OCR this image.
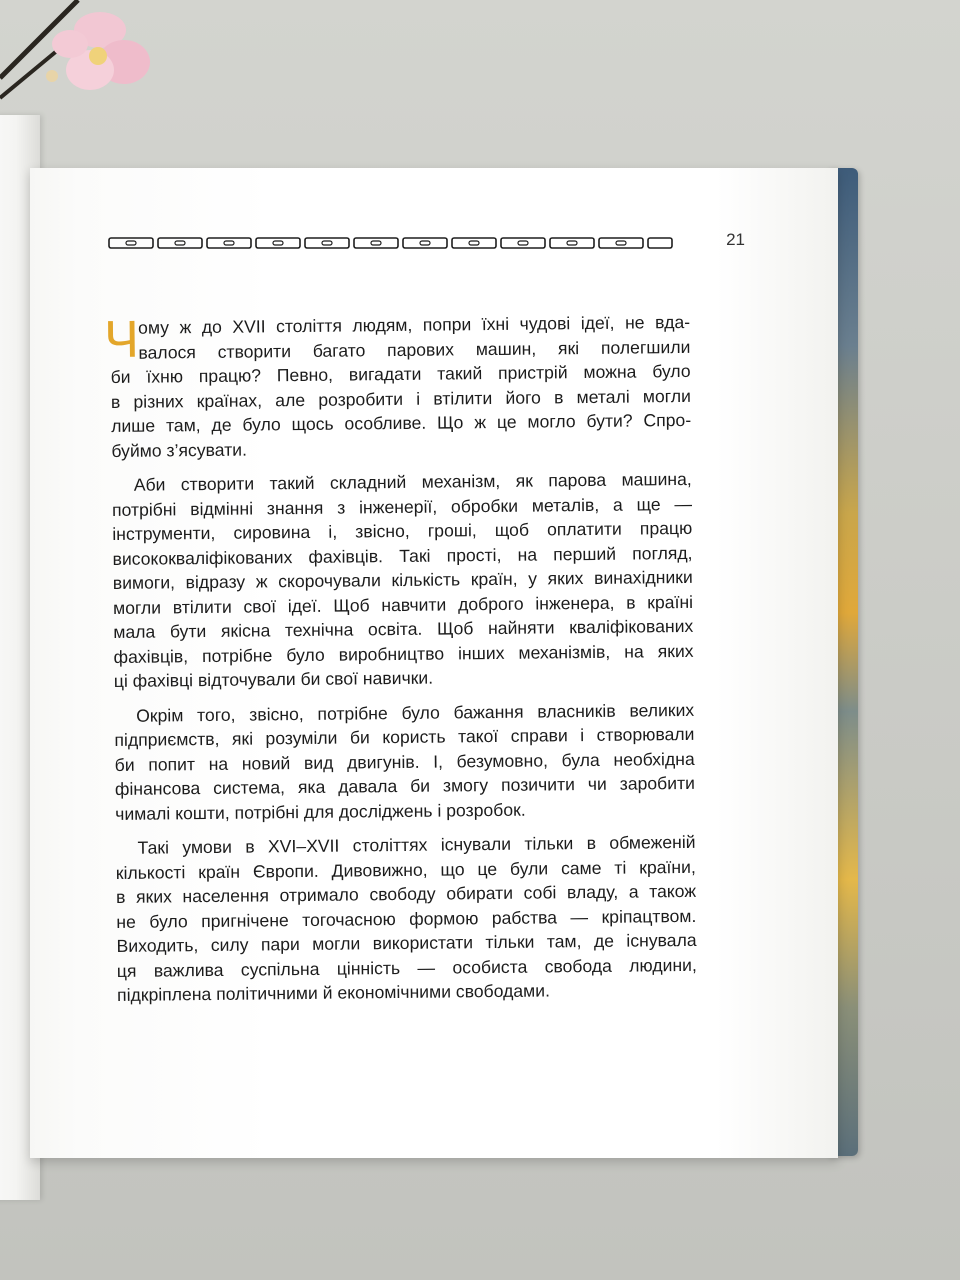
21
Ч
ому ж до XVII століття людям, попри їхні чудові ідеї, не вда-
валося створити багато парових машин, які полегшили
би їхню працю? Певно, вигадати такий пристрій можна було
в різних країнах, але розробити і втілити його в металі могли
лише там, де було щось особливе. Що ж це могло бути? Спро-
буймо з’ясувати.
Аби створити такий складний механізм, як парова машина,
потрібні відмінні знання з інженерії, обробки металів, а ще —
інструменти, сировина і, звісно, гроші, щоб оплатити працю
висококваліфікованих фахівців. Такі прості, на перший погляд,
вимоги, відразу ж скорочували кількість країн, у яких винахідники
могли втілити свої ідеї. Щоб навчити доброго інженера, в країні
мала бути якісна технічна освіта. Щоб найняти кваліфікованих
фахівців, потрібне було виробництво інших механізмів, на яких
ці фахівці відточували би свої навички.
Окрім того, звісно, потрібне було бажання власників великих
підприємств, які розуміли би користь такої справи і створювали
би попит на новий вид двигунів. І, безумовно, була необхідна
фінансова система, яка давала би змогу позичити чи заробити
чималі кошти, потрібні для досліджень і розробок.
Такі умови в XVI–XVII століттях існували тільки в обмеженій
кількості країн Європи. Дивовижно, що це були саме ті країни,
в яких населення отримало свободу обирати собі владу, а також
не було пригнічене тогочасною формою рабства — кріпацтвом.
Виходить, силу пари могли використати тільки там, де існувала
ця важлива суспільна цінність — особиста свобода людини,
підкріплена політичними й економічними свободами.
